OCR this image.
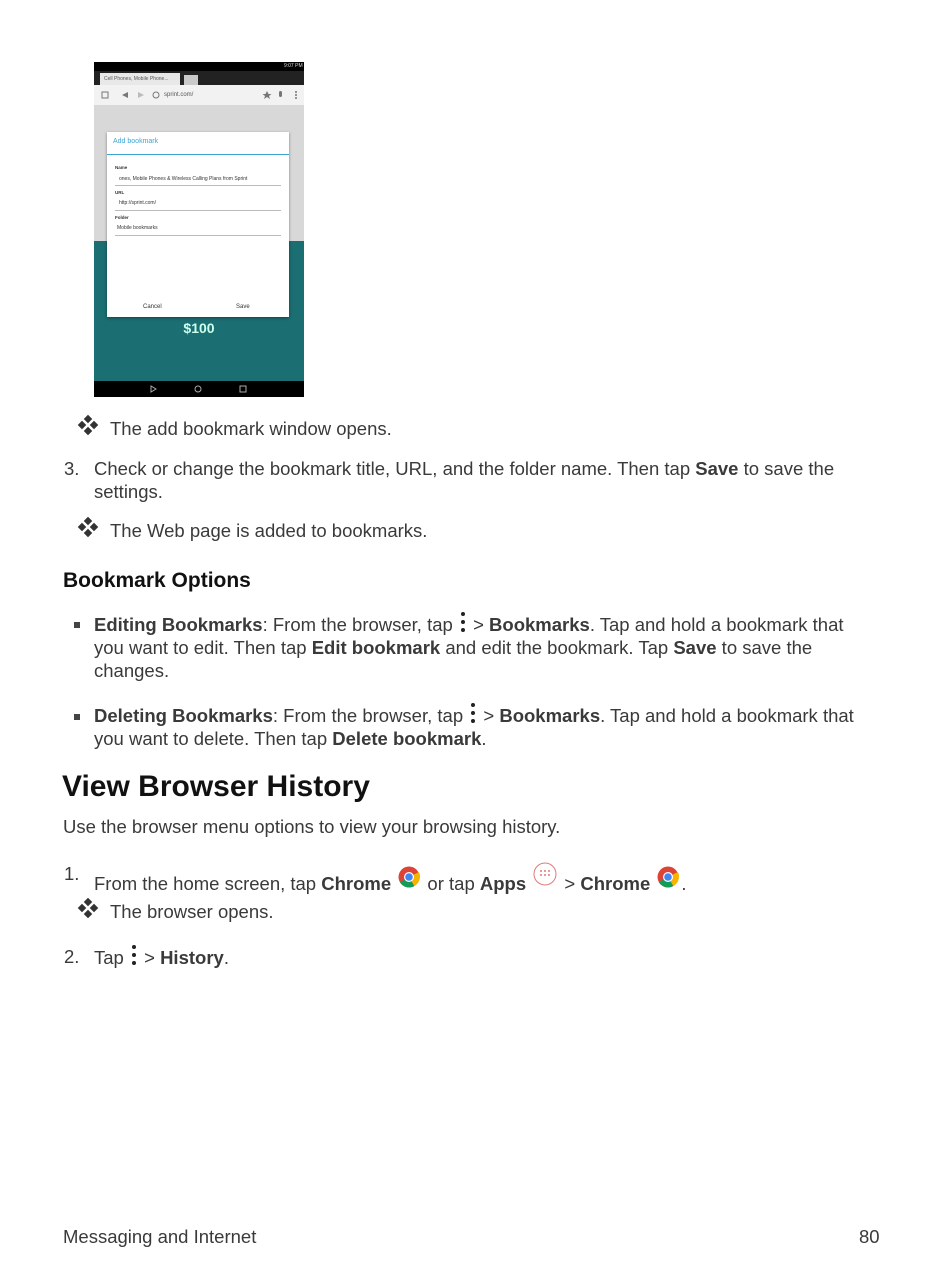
9:07 PM
Cell Phones, Mobile Phone...
sprint.com/
$100
Add bookmark
Name
ones, Mobile Phones & Wireless Calling Plans from Sprint
URL
http://sprint.com/
Folder
Mobile bookmarks
Cancel	Save
The add bookmark window opens.
3. Check or change the bookmark title, URL, and the folder name. Then tap Save to save the
settings.
The Web page is added to bookmarks.
Bookmark Options
Editing Bookmarks: From the browser, tap
> Bookmarks. Tap and hold a bookmark that
you want to edit. Then tap Edit bookmark and edit the bookmark. Tap Save to save the
changes.
Deleting Bookmarks: From the browser, tap
> Bookmarks. Tap and hold a bookmark that
you want to delete. Then tap Delete bookmark.
View Browser History
Use the browser menu options to view your browsing history.
1. From the home screen, tap Chrome  or tap Apps  > Chrome .
The browser opens.
2. Tap
> History.
Messaging and Internet	80
